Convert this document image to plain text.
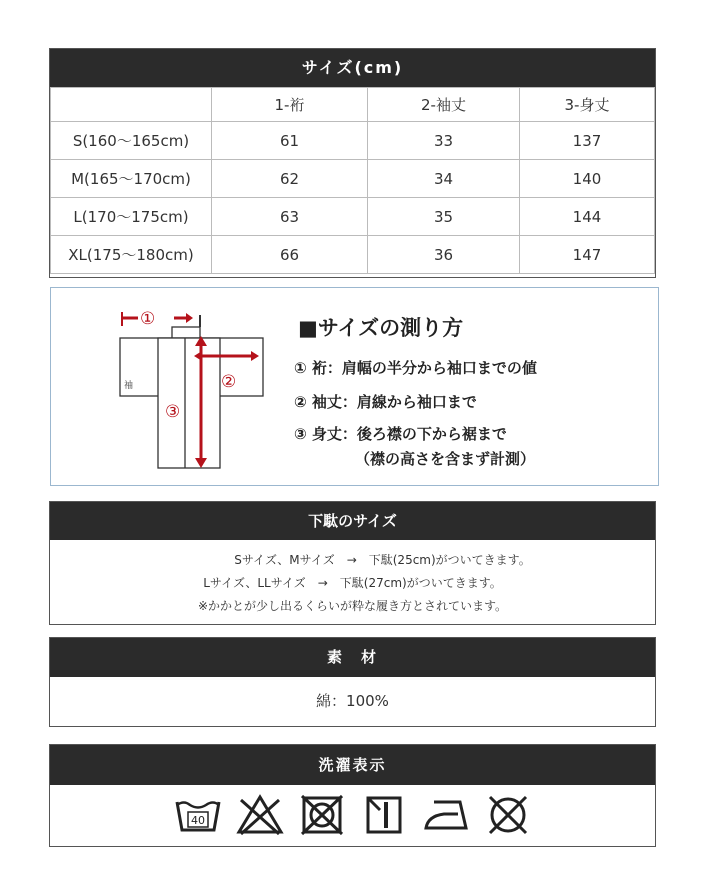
サイズ(cm)
	1-裄	2-袖丈	3-身丈
S(160～165cm)	61	33	137
M(165～170cm)	62	34	140
L(170～175cm)	63	35	144
XL(175～180cm)	66	36	147
①
②
③
袖
■サイズの測り方
① 裄：肩幅の半分から袖口までの値
② 袖丈：肩線から袖口まで
③ 身丈：後ろ襟の下から裾まで
（襟の高さを含まず計測）
下駄のサイズ
Sサイズ、Mサイズ　→　下駄(25cm)がついてきます。
Lサイズ、LLサイズ　→　下駄(27cm)がついてきます。
※かかとが少し出るくらいが粋な履き方とされています。
素　材
綿：100%
洗濯表示
40
